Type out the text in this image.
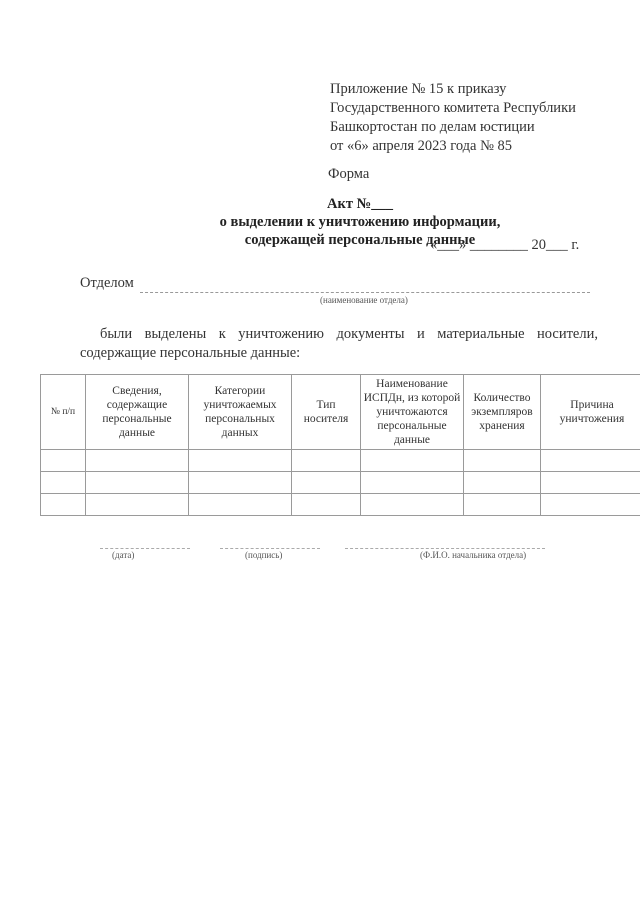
Приложение № 15 к приказу
Государственного комитета Республики
Башкортостан по делам юстиции
от «6» апреля 2023 года № 85
Форма
Акт №___
о выделении к уничтожению информации,
содержащей персональные данные
«___» ________ 20___ г.
Отделом
(наименование отдела)
были выделены к уничтожению документы и материальные носители, содержащие персональные данные:
№ п/п	Сведения, содержащие персональные данные	Категории уничтожаемых персональных данных	Тип носителя	Наименование ИСПДн, из которой уничтожаются персональные данные	Количество экземпляров хранения	Причина уничтожения

(дата)	(подпись)	(Ф.И.О. начальника отдела)
